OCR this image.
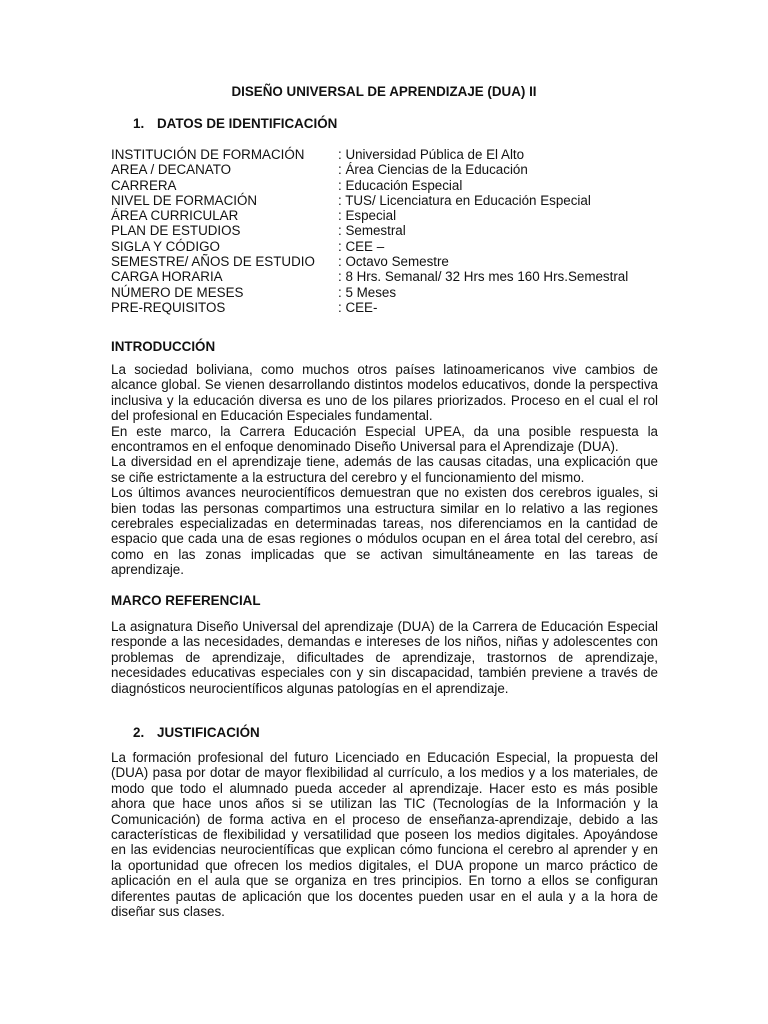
DISEÑO UNIVERSAL DE APRENDIZAJE (DUA) II
1. DATOS DE IDENTIFICACIÓN
INSTITUCIÓN DE FORMACIÓN	: Universidad Pública de El Alto
AREA / DECANATO	: Área Ciencias de la Educación
CARRERA	: Educación Especial
NIVEL DE FORMACIÓN	: TUS/ Licenciatura en Educación Especial
ÁREA CURRICULAR	: Especial
PLAN DE ESTUDIOS	: Semestral
SIGLA Y CÓDIGO	: CEE –
SEMESTRE/ AÑOS DE ESTUDIO : Octavo Semestre
CARGA HORARIA	: 8 Hrs. Semanal/ 32 Hrs mes 160 Hrs.Semestral
NÚMERO DE MESES	: 5 Meses
PRE-REQUISITOS	: CEE-
INTRODUCCIÓN

La sociedad boliviana, como muchos otros países latinoamericanos vive cambios de alcance global. Se vienen desarrollando distintos modelos educativos, donde la perspectiva inclusiva y la educación diversa es uno de los pilares priorizados. Proceso en el cual el rol del profesional en Educación Especiales fundamental.

En este marco, la Carrera Educación Especial UPEA, da una posible respuesta la encontramos en el enfoque denominado Diseño Universal para el Aprendizaje (DUA).

La diversidad en el aprendizaje tiene, además de las causas citadas, una explicación que se ciñe estrictamente a la estructura del cerebro y el funcionamiento del mismo.

Los últimos avances neurocientíficos demuestran que no existen dos cerebros iguales, si bien todas las personas compartimos una estructura similar en lo relativo a las regiones cerebrales especializadas en determinadas tareas, nos diferenciamos en la cantidad de espacio que cada una de esas regiones o módulos ocupan en el área total del cerebro, así como en las zonas implicadas que se activan simultáneamente en las tareas de aprendizaje.

MARCO REFERENCIAL

La asignatura Diseño Universal del aprendizaje (DUA) de la Carrera de Educación Especial responde a las necesidades, demandas e intereses de los niños, niñas y adolescentes con problemas de aprendizaje, dificultades de aprendizaje, trastornos de aprendizaje, necesidades educativas especiales con y sin discapacidad, también previene a través de diagnósticos neurocientíficos algunas patologías en el aprendizaje.

2. JUSTIFICACIÓN

La formación profesional del futuro Licenciado en Educación Especial, la propuesta del (DUA) pasa por dotar de mayor flexibilidad al currículo, a los medios y a los materiales, de modo que todo el alumnado pueda acceder al aprendizaje. Hacer esto es más posible ahora que hace unos años si se utilizan las TIC (Tecnologías de la Información y la Comunicación) de forma activa en el proceso de enseñanza-aprendizaje, debido a las características de flexibilidad y versatilidad que poseen los medios digitales. Apoyándose en las evidencias neurocientíficas que explican cómo funciona el cerebro al aprender y en la oportunidad que ofrecen los medios digitales, el DUA propone un marco práctico de aplicación en el aula que se organiza en tres principios. En torno a ellos se configuran diferentes pautas de aplicación que los docentes pueden usar en el aula y a la hora de diseñar sus clases.
